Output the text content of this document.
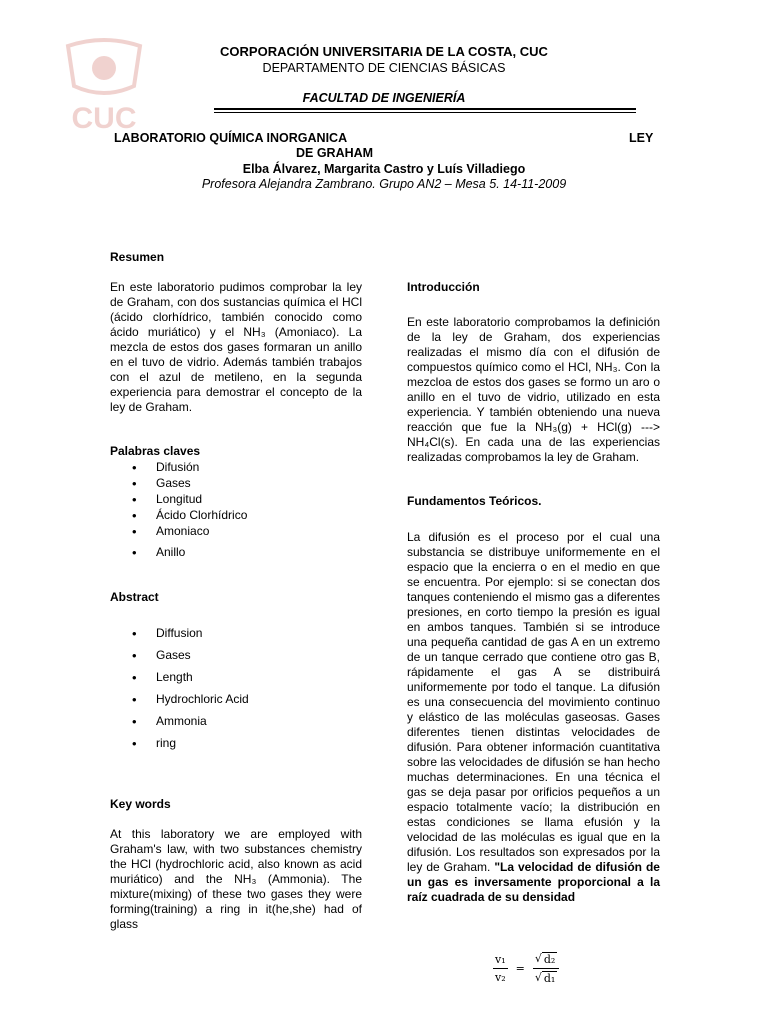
CUC
CORPORACIÓN UNIVERSITARIA DE LA COSTA, CUC
DEPARTAMENTO DE CIENCIAS BÁSICAS
FACULTAD DE INGENIERÍA
LABORATORIO QUÍMICA INORGANICA	LEY
DE GRAHAM
Elba Álvarez, Margarita Castro y Luís Villadiego
Profesora Alejandra Zambrano. Grupo AN2 – Mesa 5. 14-11-2009
Resumen

En este laboratorio pudimos comprobar la ley de Graham, con dos sustancias química el HCl (ácido clorhídrico, también conocido como ácido muriático) y el NH₃ (Amoniaco). La mezcla de estos dos gases formaran un anillo en el tuvo de vidrio. Además también trabajos con el azul de metileno, en la segunda experiencia para demostrar el concepto de la ley de Graham.

Palabras claves
• Difusión
• Gases
• Longitud
• Ácido Clorhídrico
• Amoniaco
• Anillo
Abstract
• Diffusion
• Gases
• Length
• Hydrochloric Acid
• Ammonia
• ring
Key words

At this laboratory we are employed with Graham's law, with two substances chemistry the HCl (hydrochloric acid, also known as acid muriático) and the NH₃ (Ammonia). The mixture(mixing) of these two gases they were forming(training) a ring in it(he,she) had of glass

Introducción

En este laboratorio comprobamos la definición de la ley de Graham, dos experiencias realizadas el mismo día con el difusión de compuestos químico como el HCl, NH₃. Con la mezcloa de estos dos gases se formo un aro o anillo en el tuvo de vidrio, utilizado en esta experiencia. Y también obteniendo una nueva reacción que fue la NH₃(g) + HCl(g) ---> NH₄Cl(s). En cada una de las experiencias realizadas comprobamos la ley de Graham.

Fundamentos Teóricos.

La difusión es el proceso por el cual una substancia se distribuye uniformemente en el espacio que la encierra o en el medio en que se encuentra. Por ejemplo: si se conectan dos tanques conteniendo el mismo gas a diferentes presiones, en corto tiempo la presión es igual en ambos tanques. También si se introduce una pequeña cantidad de gas A en un extremo de un tanque cerrado que contiene otro gas B, rápidamente el gas A se distribuirá uniformemente por todo el tanque. La difusión es una consecuencia del movimiento continuo y elástico de las moléculas gaseosas. Gases diferentes tienen distintas velocidades de difusión. Para obtener información cuantitativa sobre las velocidades de difusión se han hecho muchas determinaciones. En una técnica el gas se deja pasar por orificios pequeños a un espacio totalmente vacío; la distribución en estas condiciones se llama efusión y la velocidad de las moléculas es igual que en la difusión. Los resultados son expresados por la ley de Graham. "La velocidad de difusión de un gas es inversamente proporcional a la raíz cuadrada de su densidad

$\frac{\text{v₁}}{\text{v₂}} = \frac{\text{√ d₂}}{\text{√ d₁}}$
